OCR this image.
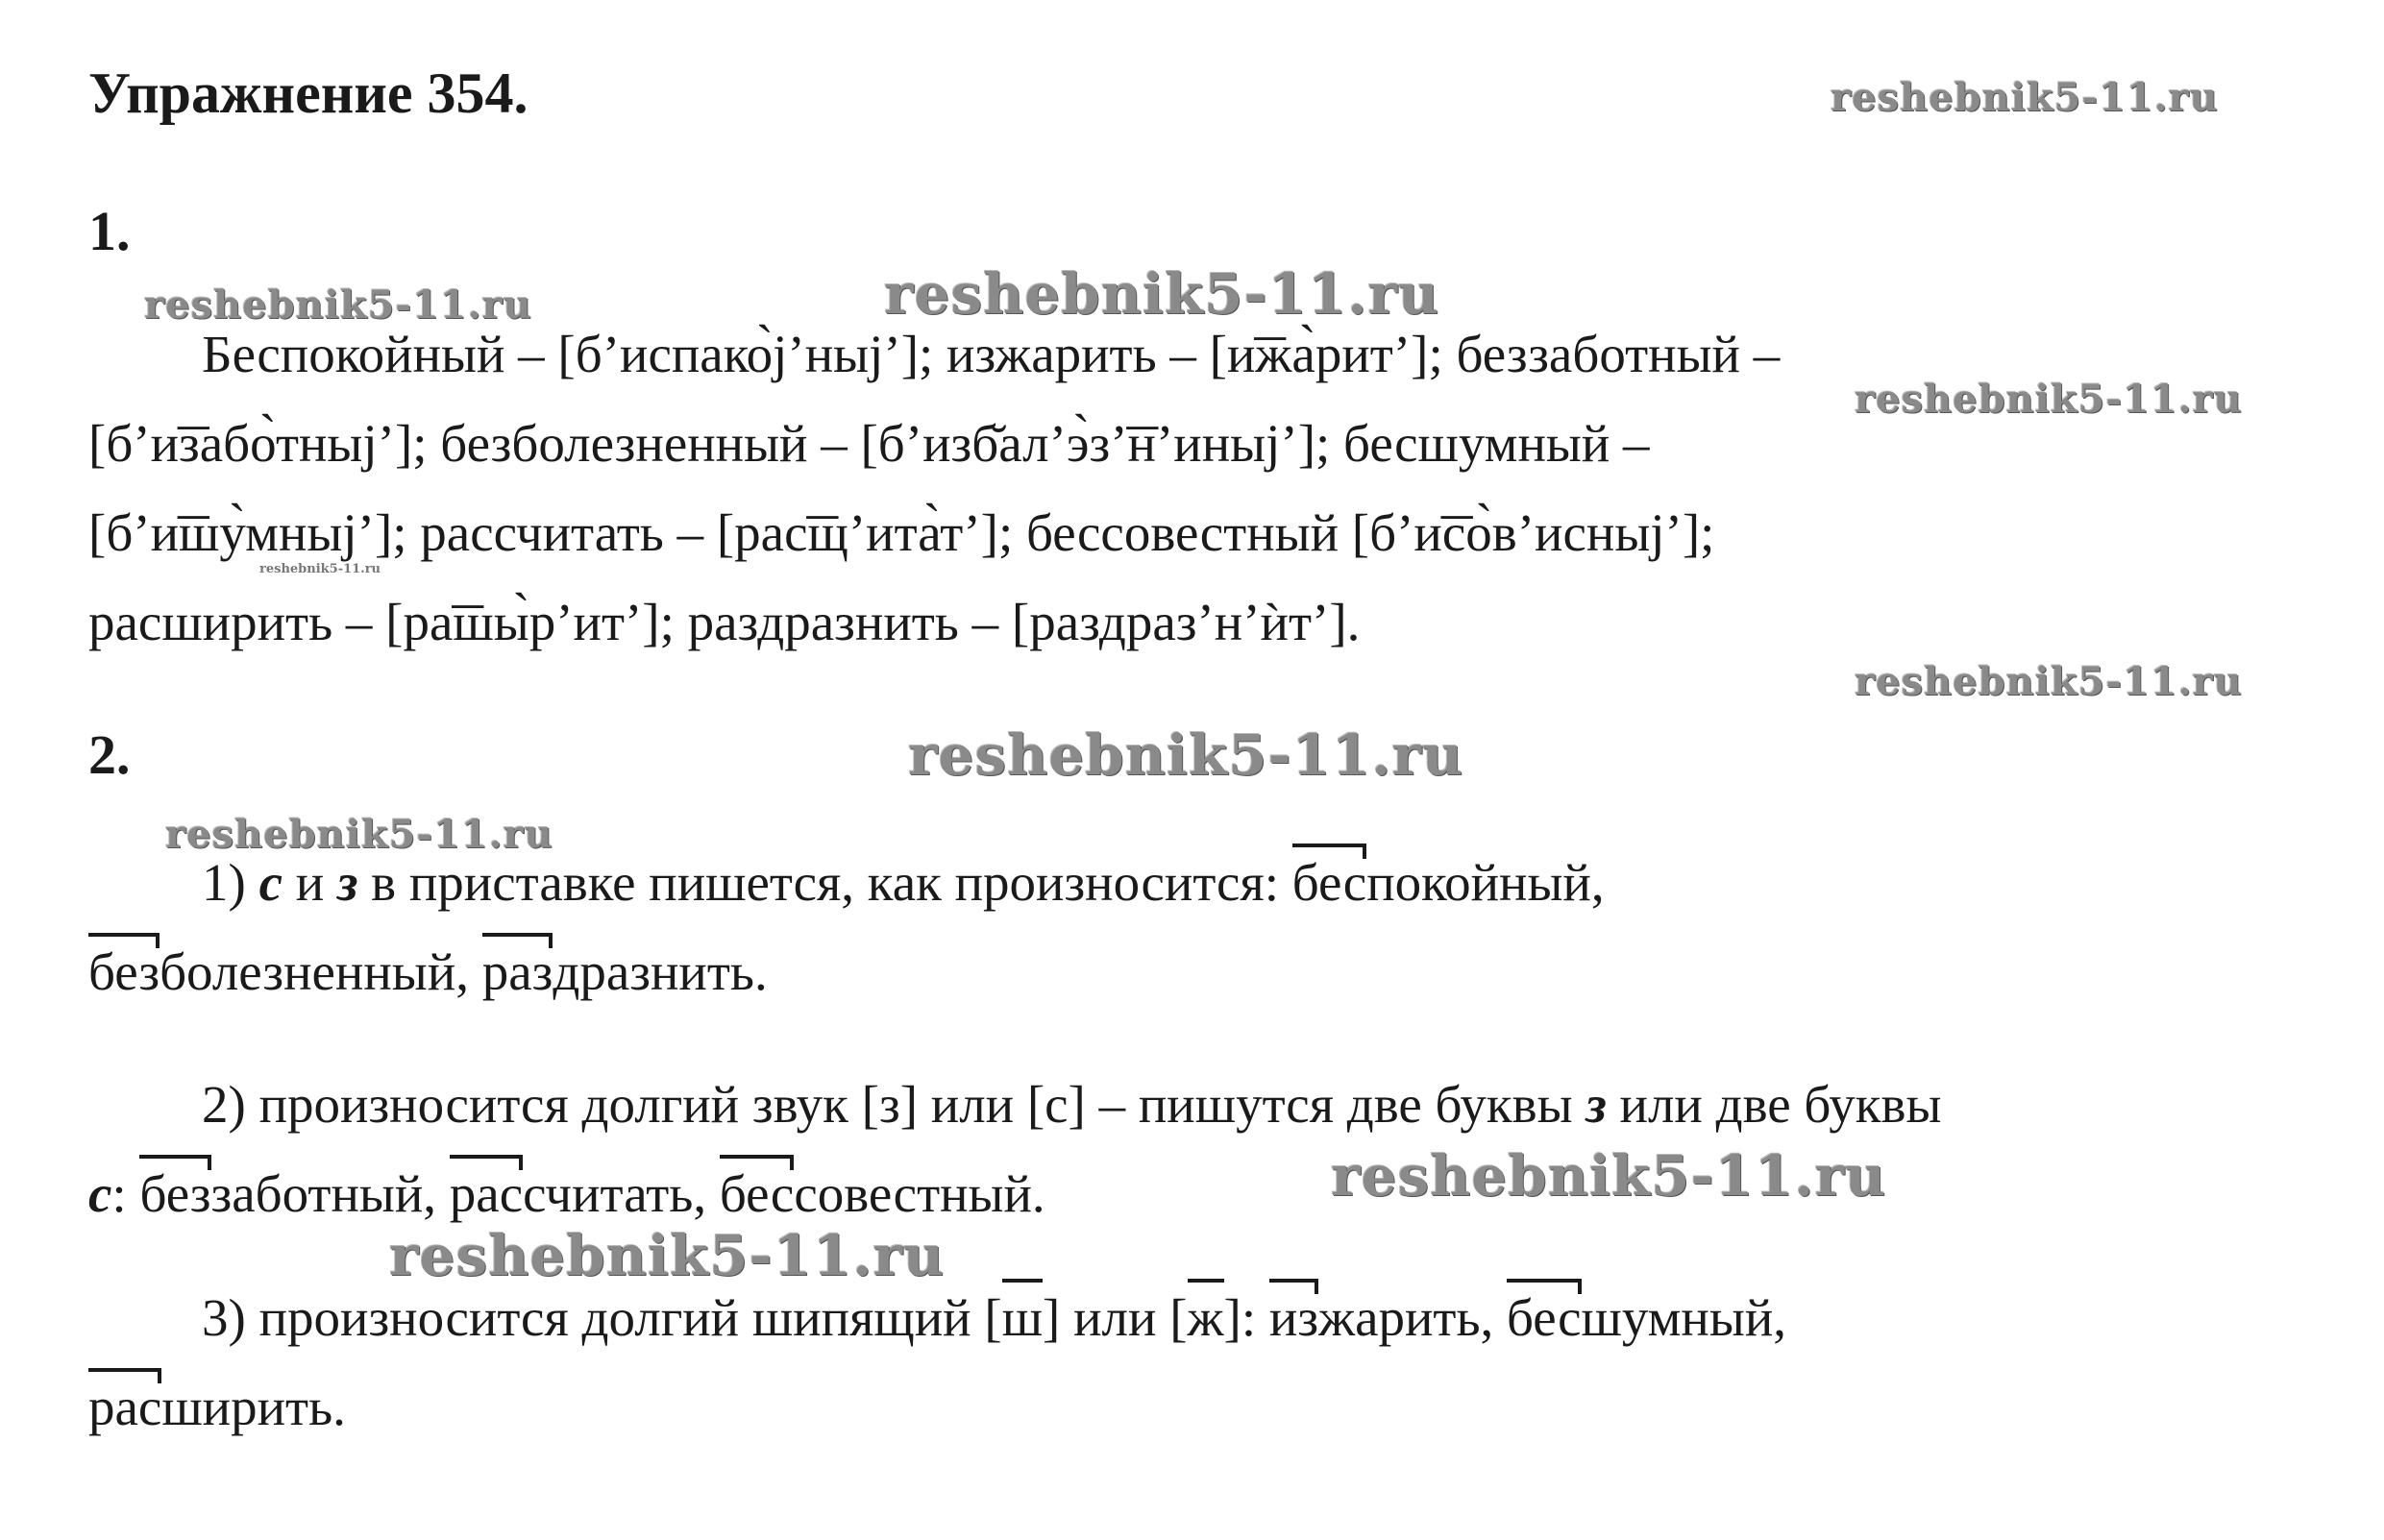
Упражнение 354.	reshebnik5-11.ru
reshebnik5-11.ru	reshebnik5-11.ru
reshebnik5-11.ru
reshebnik5-11.ru
reshebnik5-11.ru
reshebnik5-11.ru
reshebnik5-11.ru
reshebnik5-11.ru
reshebnik5-11.ru
1.
Беспокойный – [б’испако̀j’ныj’]; изжарить – [и͞жа̀рит’]; беззаботный –
[б’и͞забо̀тныj’]; безболезненный – [б’изб̆ал’э̀з’͞н’иныj’]; бесшумный –
[б’и͞шу̀мныj’]; рассчитать – [рас͞щ’ита̀т’]; бессовестный [б’и͞со̀в’исныj’];
расширить – [ра͞шы̀р’ит’]; раздразнить – [раздраз’н’ѝт’].
2.
1) с и з в приставке пишется, как произносится: беспокойный,
безболезненный, раздразнить.
2) произносится долгий звук [з] или [с] – пишутся две буквы з или две буквы
с: беззаботный, рассчитать, бессовестный.
3) произносится долгий шипящий [ш] или [ж]: изжарить, бесшумный,
расширить.
